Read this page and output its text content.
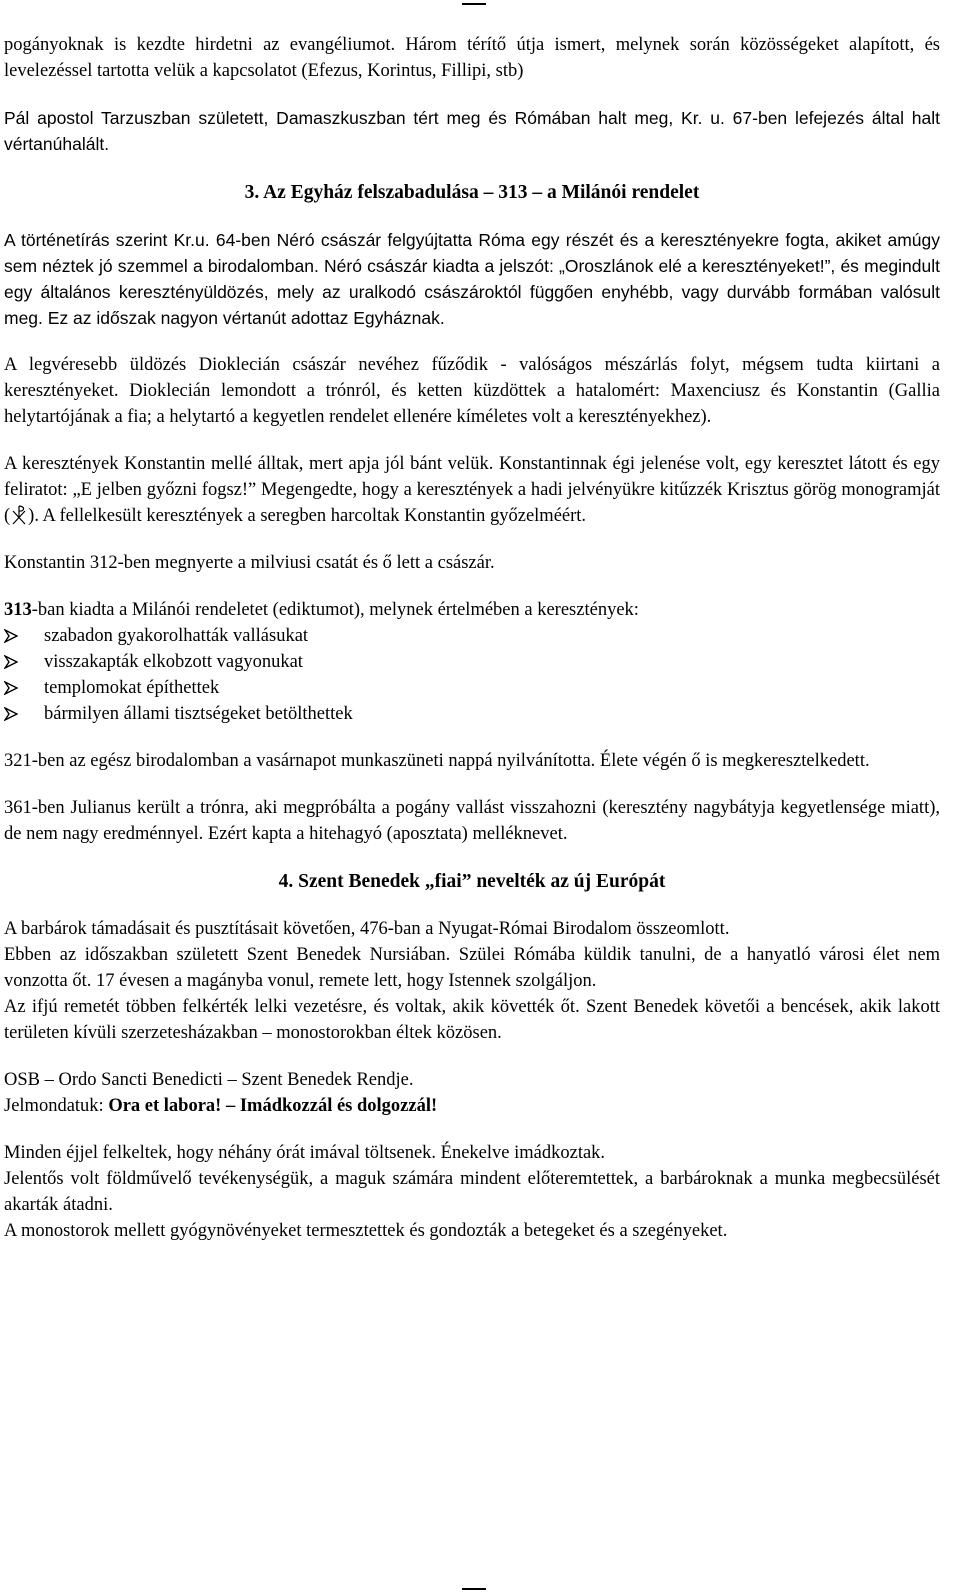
pogányoknak is kezdte hirdetni az evangéliumot. Három térítő útja ismert, melynek során közösségeket alapított, és levelezéssel tartotta velük a kapcsolatot (Efezus, Korintus, Fillipi, stb)

Pál apostol Tarzuszban született, Damaszkuszban tért meg és Rómában halt meg, Kr. u. 67-ben lefejezés által halt vértanúhalált.

3. Az Egyház felszabadulása – 313 – a Milánói rendelet

A történetírás szerint Kr.u. 64-ben Néró császár felgyújtatta Róma egy részét és a keresztényekre fogta, akiket amúgy sem néztek jó szemmel a birodalomban. Néró császár kiadta a jelszót: „Oroszlánok elé a keresztényeket!”, és megindult egy általános keresztényüldözés, mely az uralkodó császároktól függően enyhébb, vagy durvább formában valósult meg. Ez az időszak nagyon vértanút adottaz Egyháznak.

A legvéresebb üldözés Dioklecián császár nevéhez fűződik - valóságos mészárlás folyt, mégsem tudta kiirtani a keresztényeket. Dioklecián lemondott a trónról, és ketten küzdöttek a hatalomért: Maxenciusz és Konstantin (Gallia helytartójának a fia; a helytartó a kegyetlen rendelet ellenére kíméletes volt a keresztényekhez).

A keresztények Konstantin mellé álltak, mert apja jól bánt velük. Konstantinnak égi jelenése volt, egy keresztet látott és egy feliratot: „E jelben győzni fogsz!” Megengedte, hogy a keresztények a hadi jelvényükre kitűzzék Krisztus görög monogramját ( ). A fellelkesült keresztények a seregben harcoltak Konstantin győzelméért.

Konstantin 312-ben megnyerte a milviusi csatát és ő lett a császár.

313-ban kiadta a Milánói rendeletet (ediktumot), melynek értelmében a keresztények:

szabadon gyakorolhatták vallásukat
visszakapták elkobzott vagyonukat
templomokat építhettek
bármilyen állami tisztségeket betölthettek

321-ben az egész birodalomban a vasárnapot munkaszüneti nappá nyilvánította. Élete végén ő is megkeresztelkedett.

361-ben Julianus került a trónra, aki megpróbálta a pogány vallást visszahozni (keresztény nagybátyja kegyetlensége miatt), de nem nagy eredménnyel. Ezért kapta a hitehagyó (aposztata) melléknevet.

4. Szent Benedek „fiai” nevelték az új Európát

A barbárok támadásait és pusztításait követően, 476-ban a Nyugat-Római Birodalom összeomlott.

Ebben az időszakban született Szent Benedek Nursiában. Szülei Rómába küldik tanulni, de a hanyatló városi élet nem vonzotta őt. 17 évesen a magányba vonul, remete lett, hogy Istennek szolgáljon.

Az ifjú remetét többen felkérték lelki vezetésre, és voltak, akik követték őt. Szent Benedek követői a bencések, akik lakott területen kívüli szerzetesházakban – monostorokban éltek közösen.

OSB – Ordo Sancti Benedicti – Szent Benedek Rendje.

Jelmondatuk: Ora et labora! – Imádkozzál és dolgozzál!

Minden éjjel felkeltek, hogy néhány órát imával töltsenek. Énekelve imádkoztak.

Jelentős volt földművelő tevékenységük, a maguk számára mindent előteremtettek, a barbároknak a munka megbecsülését akarták átadni.

A monostorok mellett gyógynövényeket termesztettek és gondozták a betegeket és a szegényeket.
